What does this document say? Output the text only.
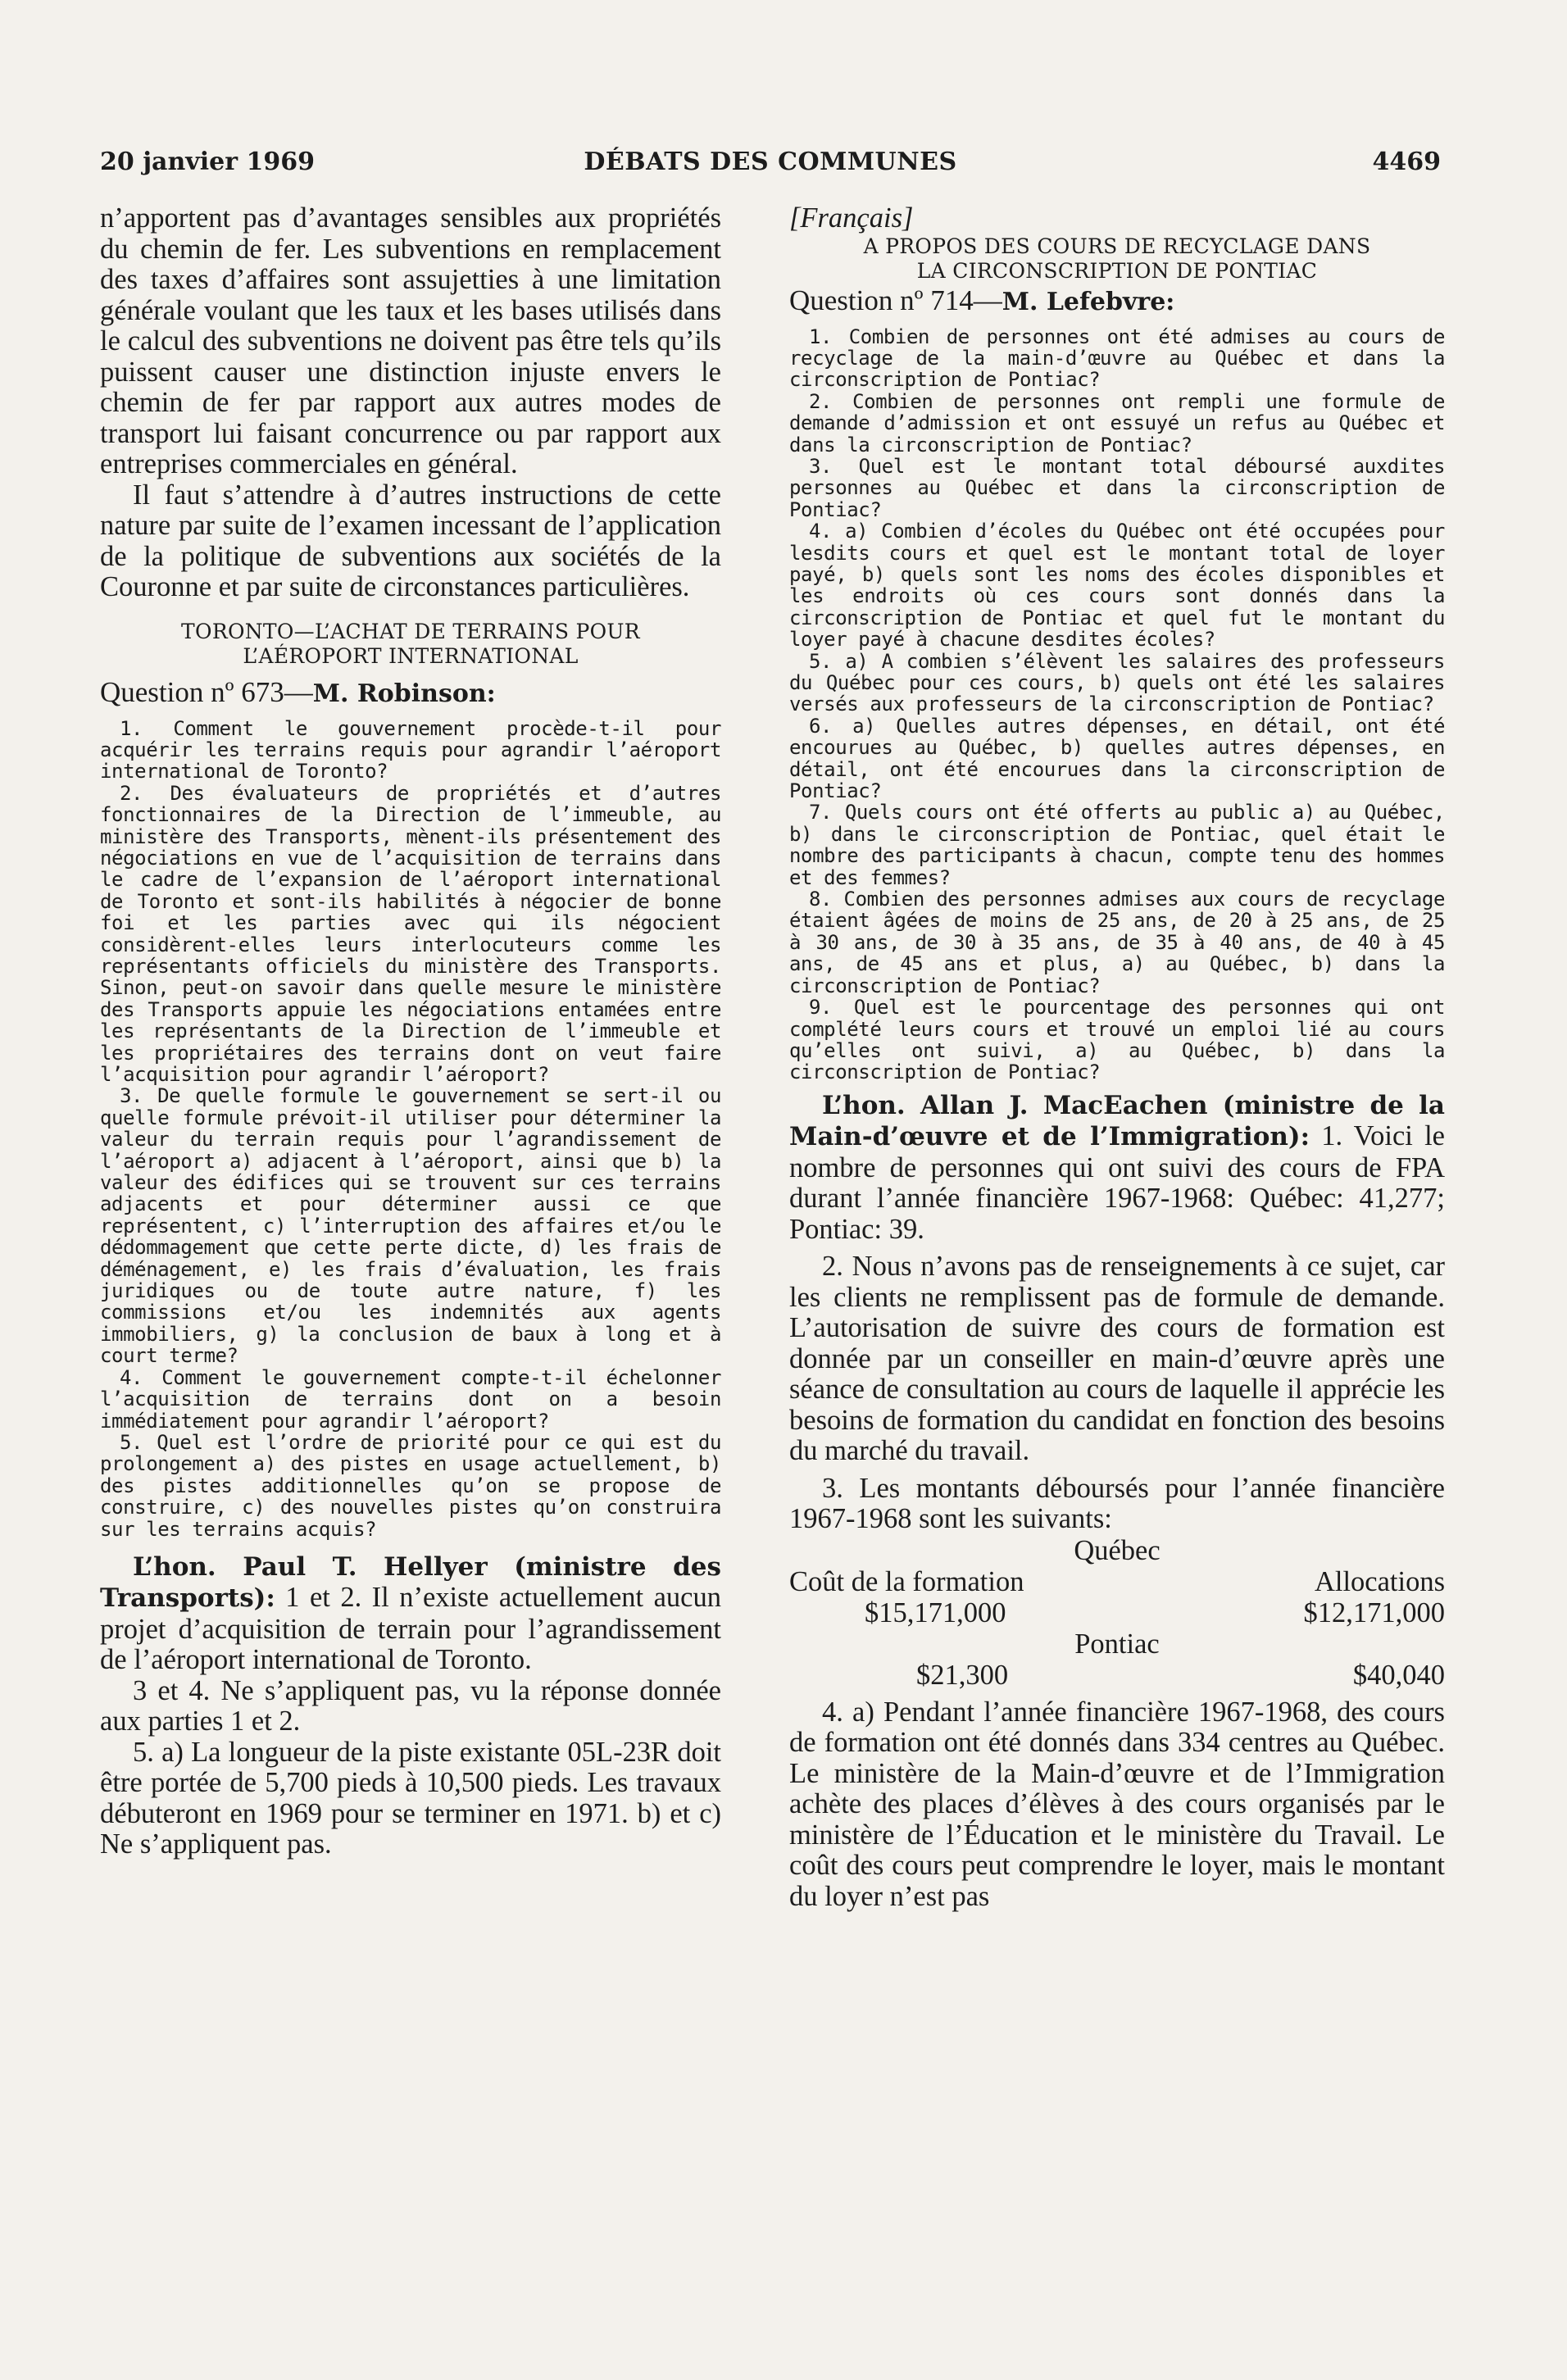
20 janvier 1969	DÉBATS DES COMMUNES	4469

n’apportent pas d’avantages sensibles aux propriétés du chemin de fer. Les subventions en remplacement des taxes d’affaires sont assujetties à une limitation générale voulant que les taux et les bases utilisés dans le calcul des subventions ne doivent pas être tels qu’ils puissent causer une distinction injuste envers le chemin de fer par rapport aux autres modes de transport lui faisant concurrence ou par rapport aux entreprises commerciales en général.

Il faut s’attendre à d’autres instructions de cette nature par suite de l’examen incessant de l’application de la politique de subventions aux sociétés de la Couronne et par suite de circonstances particulières.

TORONTO—L’ACHAT DE TERRAINS POUR

L’AÉROPORT INTERNATIONAL

Question nº 673—M. Robinson:

1. Comment le gouvernement procède-t-il pour acquérir les terrains requis pour agrandir l’aéroport international de Toronto?

2. Des évaluateurs de propriétés et d’autres fonctionnaires de la Direction de l’immeuble, au ministère des Transports, mènent-ils présentement des négociations en vue de l’acquisition de terrains dans le cadre de l’expansion de l’aéroport international de Toronto et sont-ils habilités à négocier de bonne foi et les parties avec qui ils négocient considèrent-elles leurs interlocuteurs comme les représentants officiels du ministère des Transports. Sinon, peut-on savoir dans quelle mesure le ministère des Transports appuie les négociations entamées entre les représentants de la Direction de l’immeuble et les propriétaires des terrains dont on veut faire l’acquisition pour agrandir l’aéroport?

3. De quelle formule le gouvernement se sert-il ou quelle formule prévoit-il utiliser pour déterminer la valeur du terrain requis pour l’agrandissement de l’aéroport a) adjacent à l’aéroport, ainsi que b) la valeur des édifices qui se trouvent sur ces terrains adjacents et pour déterminer aussi ce que représentent, c) l’interruption des affaires et/ou le dédommagement que cette perte dicte, d) les frais de déménagement, e) les frais d’évaluation, les frais juridiques ou de toute autre nature, f) les commissions et/ou les indemnités aux agents immobiliers, g) la conclusion de baux à long et à court terme?

4. Comment le gouvernement compte-t-il échelonner l’acquisition de terrains dont on a besoin immédiatement pour agrandir l’aéroport?

5. Quel est l’ordre de priorité pour ce qui est du prolongement a) des pistes en usage actuellement, b) des pistes additionnelles qu’on se propose de construire, c) des nouvelles pistes qu’on construira sur les terrains acquis?

L’hon. Paul T. Hellyer (ministre des Transports): 1 et 2. Il n’existe actuellement aucun projet d’acquisition de terrain pour l’agrandissement de l’aéroport international de Toronto.

3 et 4. Ne s’appliquent pas, vu la réponse donnée aux parties 1 et 2.

5. a) La longueur de la piste existante 05L-23R doit être portée de 5,700 pieds à 10,500 pieds. Les travaux débuteront en 1969 pour se terminer en 1971. b) et c) Ne s’appliquent pas.

[Français]

A PROPOS DES COURS DE RECYCLAGE DANS

LA CIRCONSCRIPTION DE PONTIAC

Question nº 714—M. Lefebvre:

1. Combien de personnes ont été admises au cours de recyclage de la main-d’œuvre au Québec et dans la circonscription de Pontiac?

2. Combien de personnes ont rempli une formule de demande d’admission et ont essuyé un refus au Québec et dans la circonscription de Pontiac?

3. Quel est le montant total déboursé auxdites personnes au Québec et dans la circonscription de Pontiac?

4. a) Combien d’écoles du Québec ont été occupées pour lesdits cours et quel est le montant total de loyer payé, b) quels sont les noms des écoles disponibles et les endroits où ces cours sont donnés dans la circonscription de Pontiac et quel fut le montant du loyer payé à chacune desdites écoles?

5. a) A combien s’élèvent les salaires des professeurs du Québec pour ces cours, b) quels ont été les salaires versés aux professeurs de la circonscription de Pontiac?

6. a) Quelles autres dépenses, en détail, ont été encourues au Québec, b) quelles autres dépenses, en détail, ont été encourues dans la circonscription de Pontiac?

7. Quels cours ont été offerts au public a) au Québec, b) dans le circonscription de Pontiac, quel était le nombre des participants à chacun, compte tenu des hommes et des femmes?

8. Combien des personnes admises aux cours de recyclage étaient âgées de moins de 25 ans, de 20 à 25 ans, de 25 à 30 ans, de 30 à 35 ans, de 35 à 40 ans, de 40 à 45 ans, de 45 ans et plus, a) au Québec, b) dans la circonscription de Pontiac?

9. Quel est le pourcentage des personnes qui ont complété leurs cours et trouvé un emploi lié au cours qu’elles ont suivi, a) au Québec, b) dans la circonscription de Pontiac?

L’hon. Allan J. MacEachen (ministre de la Main-d’œuvre et de l’Immigration): 1. Voici le nombre de personnes qui ont suivi des cours de FPA durant l’année financière 1967-1968: Québec: 41,277; Pontiac: 39.

2. Nous n’avons pas de renseignements à ce sujet, car les clients ne remplissent pas de formule de demande. L’autorisation de suivre des cours de formation est donnée par un conseiller en main-d’œuvre après une séance de consultation au cours de laquelle il apprécie les besoins de formation du candidat en fonction des besoins du marché du travail.

3. Les montants déboursés pour l’année financière 1967-1968 sont les suivants:

Québec
Coût de la formation	Allocations
$15,171,000	$12,171,000
Pontiac
$21,300	$40,040

4. a) Pendant l’année financière 1967-1968, des cours de formation ont été donnés dans 334 centres au Québec. Le ministère de la Main-d’œuvre et de l’Immigration achète des places d’élèves à des cours organisés par le ministère de l’Éducation et le ministère du Travail. Le coût des cours peut comprendre le loyer, mais le montant du loyer n’est pas
